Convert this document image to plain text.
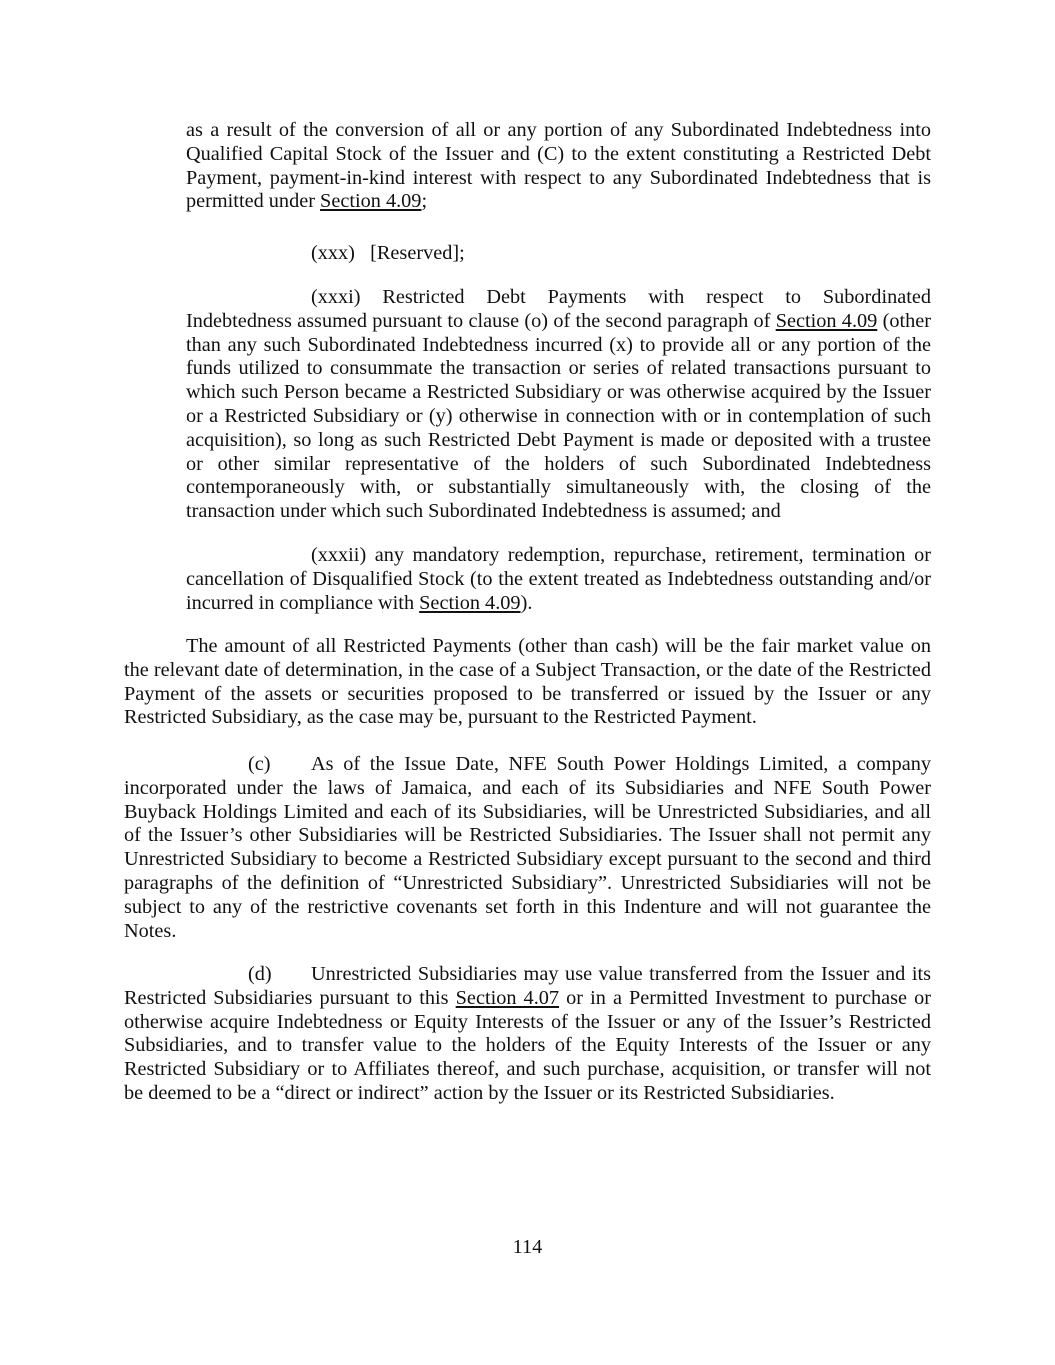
as a result of the conversion of all or any portion of any Subordinated Indebtedness into
Qualified Capital Stock of the Issuer and (C) to the extent constituting a Restricted Debt
Payment, payment-in-kind interest with respect to any Subordinated Indebtedness that is
permitted under Section 4.09;
(xxx)   [Reserved];
(xxxi) Restricted Debt Payments with respect to Subordinated
Indebtedness assumed pursuant to clause (o) of the second paragraph of Section 4.09 (other
than any such Subordinated Indebtedness incurred (x) to provide all or any portion of the
funds utilized to consummate the transaction or series of related transactions pursuant to
which such Person became a Restricted Subsidiary or was otherwise acquired by the Issuer
or a Restricted Subsidiary or (y) otherwise in connection with or in contemplation of such
acquisition), so long as such Restricted Debt Payment is made or deposited with a trustee
or other similar representative of the holders of such Subordinated Indebtedness
contemporaneously with, or substantially simultaneously with, the closing of the
transaction under which such Subordinated Indebtedness is assumed; and
(xxxii) any mandatory redemption, repurchase, retirement, termination or
cancellation of Disqualified Stock (to the extent treated as Indebtedness outstanding and/or
incurred in compliance with Section 4.09).
The amount of all Restricted Payments (other than cash) will be the fair market value on
the relevant date of determination, in the case of a Subject Transaction, or the date of the Restricted
Payment of the assets or securities proposed to be transferred or issued by the Issuer or any
Restricted Subsidiary, as the case may be, pursuant to the Restricted Payment.
(c) As of the Issue Date, NFE South Power Holdings Limited, a company
incorporated under the laws of Jamaica, and each of its Subsidiaries and NFE South Power
Buyback Holdings Limited and each of its Subsidiaries, will be Unrestricted Subsidiaries, and all
of the Issuer’s other Subsidiaries will be Restricted Subsidiaries. The Issuer shall not permit any
Unrestricted Subsidiary to become a Restricted Subsidiary except pursuant to the second and third
paragraphs of the definition of “Unrestricted Subsidiary”. Unrestricted Subsidiaries will not be
subject to any of the restrictive covenants set forth in this Indenture and will not guarantee the
Notes.
(d) Unrestricted Subsidiaries may use value transferred from the Issuer and its
Restricted Subsidiaries pursuant to this Section 4.07 or in a Permitted Investment to purchase or
otherwise acquire Indebtedness or Equity Interests of the Issuer or any of the Issuer’s Restricted
Subsidiaries, and to transfer value to the holders of the Equity Interests of the Issuer or any
Restricted Subsidiary or to Affiliates thereof, and such purchase, acquisition, or transfer will not
be deemed to be a “direct or indirect” action by the Issuer or its Restricted Subsidiaries.
114
